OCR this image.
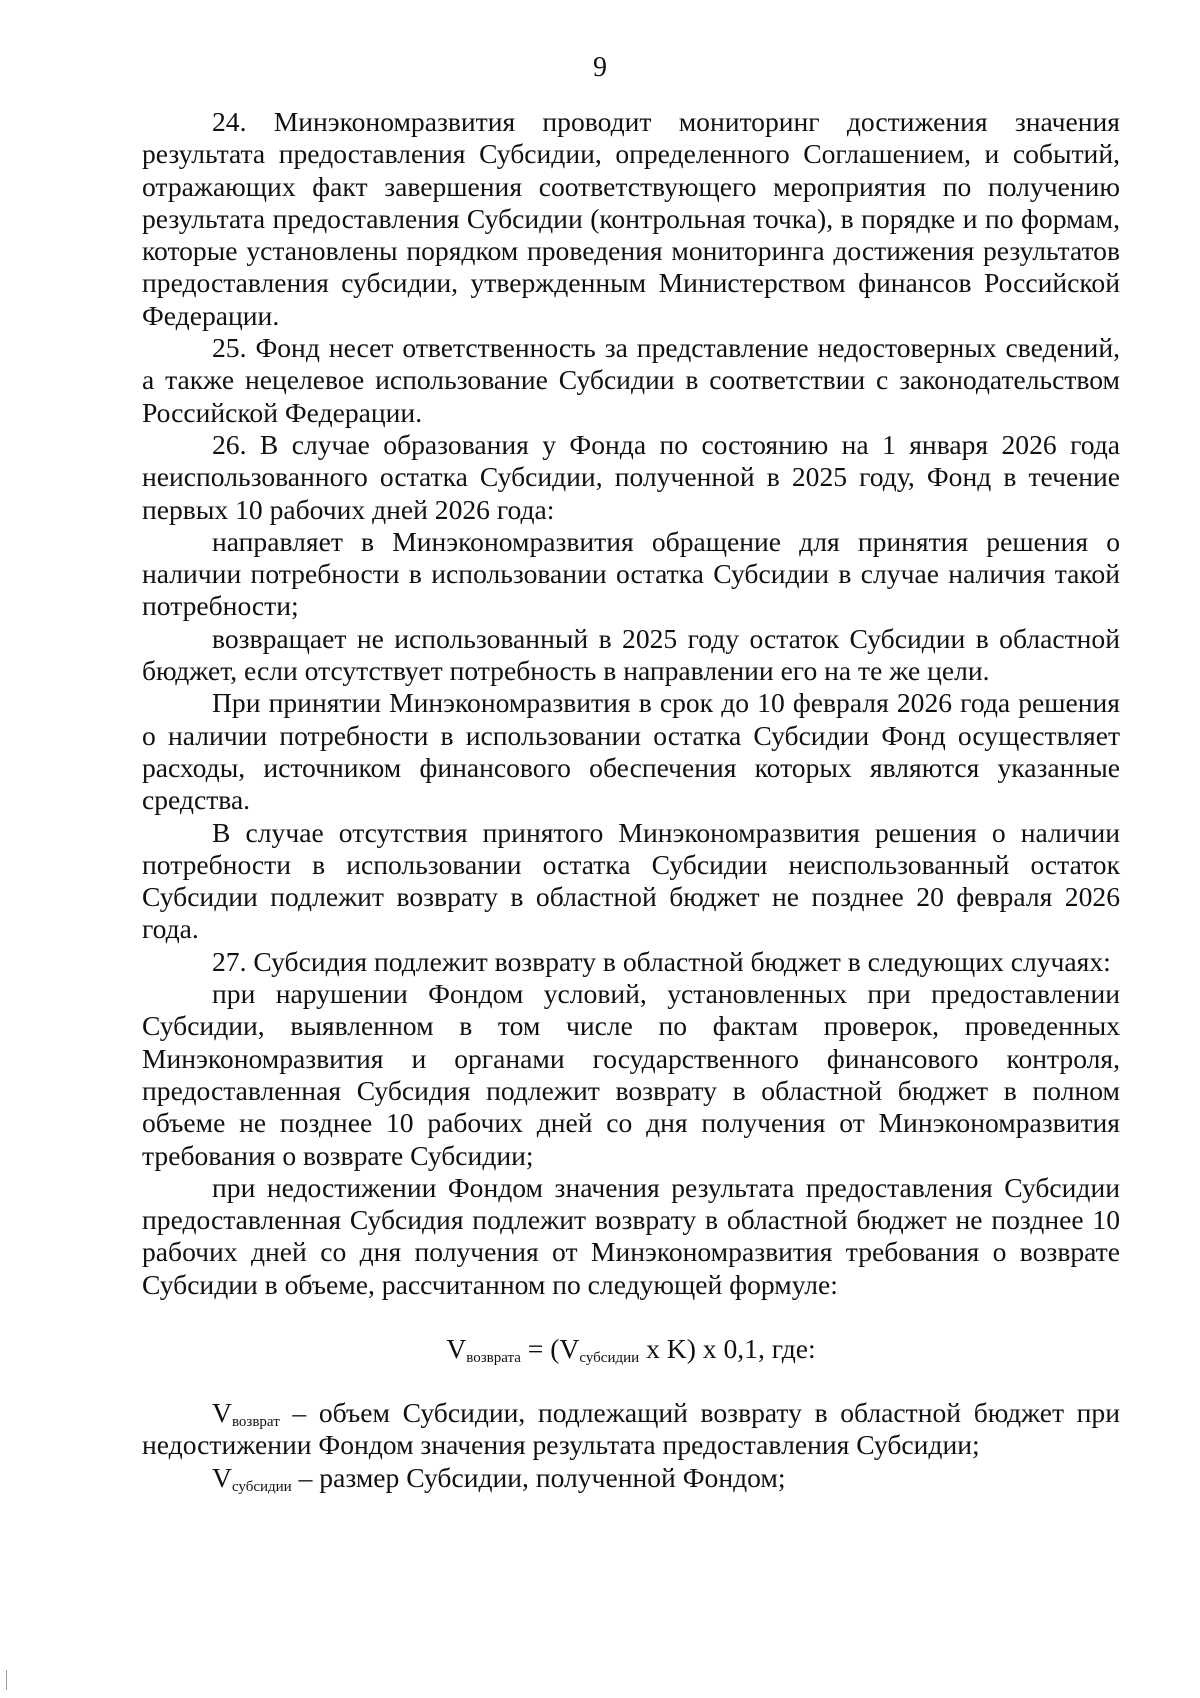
9

24. Минэкономразвития проводит мониторинг достижения значения результата предоставления Субсидии, определенного Соглашением, и событий, отражающих факт завершения соответствующего мероприятия по получению результата предоставления Субсидии (контрольная точка), в порядке и по формам, которые установлены порядком проведения мониторинга достижения результатов предоставления субсидии, утвержденным Министерством финансов Российской Федерации.

25. Фонд несет ответственность за представление недостоверных сведений, а также нецелевое использование Субсидии в соответствии с законодательством Российской Федерации.

26. В случае образования у Фонда по состоянию на 1 января 2026 года неиспользованного остатка Субсидии, полученной в 2025 году, Фонд в течение первых 10 рабочих дней 2026 года:

направляет в Минэкономразвития обращение для принятия решения о наличии потребности в использовании остатка Субсидии в случае наличия такой потребности;

возвращает не использованный в 2025 году остаток Субсидии в областной бюджет, если отсутствует потребность в направлении его на те же цели.

При принятии Минэкономразвития в срок до 10 февраля 2026 года решения о наличии потребности в использовании остатка Субсидии Фонд осуществляет расходы, источником финансового обеспечения которых являются указанные средства.

В случае отсутствия принятого Минэкономразвития решения о наличии потребности в использовании остатка Субсидии неиспользованный остаток Субсидии подлежит возврату в областной бюджет не позднее 20 февраля 2026 года.

27. Субсидия подлежит возврату в областной бюджет в следующих случаях:

при нарушении Фондом условий, установленных при предоставлении Субсидии, выявленном в том числе по фактам проверок, проведенных Минэкономразвития и органами государственного финансового контроля, предоставленная Субсидия подлежит возврату в областной бюджет в полном объеме не позднее 10 рабочих дней со дня получения от Минэкономразвития требования о возврате Субсидии;

при недостижении Фондом значения результата предоставления Субсидии предоставленная Субсидия подлежит возврату в областной бюджет не позднее 10 рабочих дней со дня получения от Минэкономразвития требования о возврате Субсидии в объеме, рассчитанном по следующей формуле:

$V_{возврата} = (V_{субсидии}$ x K) x 0,1, где:

$V_{возврат}$ – объем Субсидии, подлежащий возврату в областной бюджет при недостижении Фондом значения результата предоставления Субсидии;

$V_{субсидии}$ – размер Субсидии, полученной Фондом;
